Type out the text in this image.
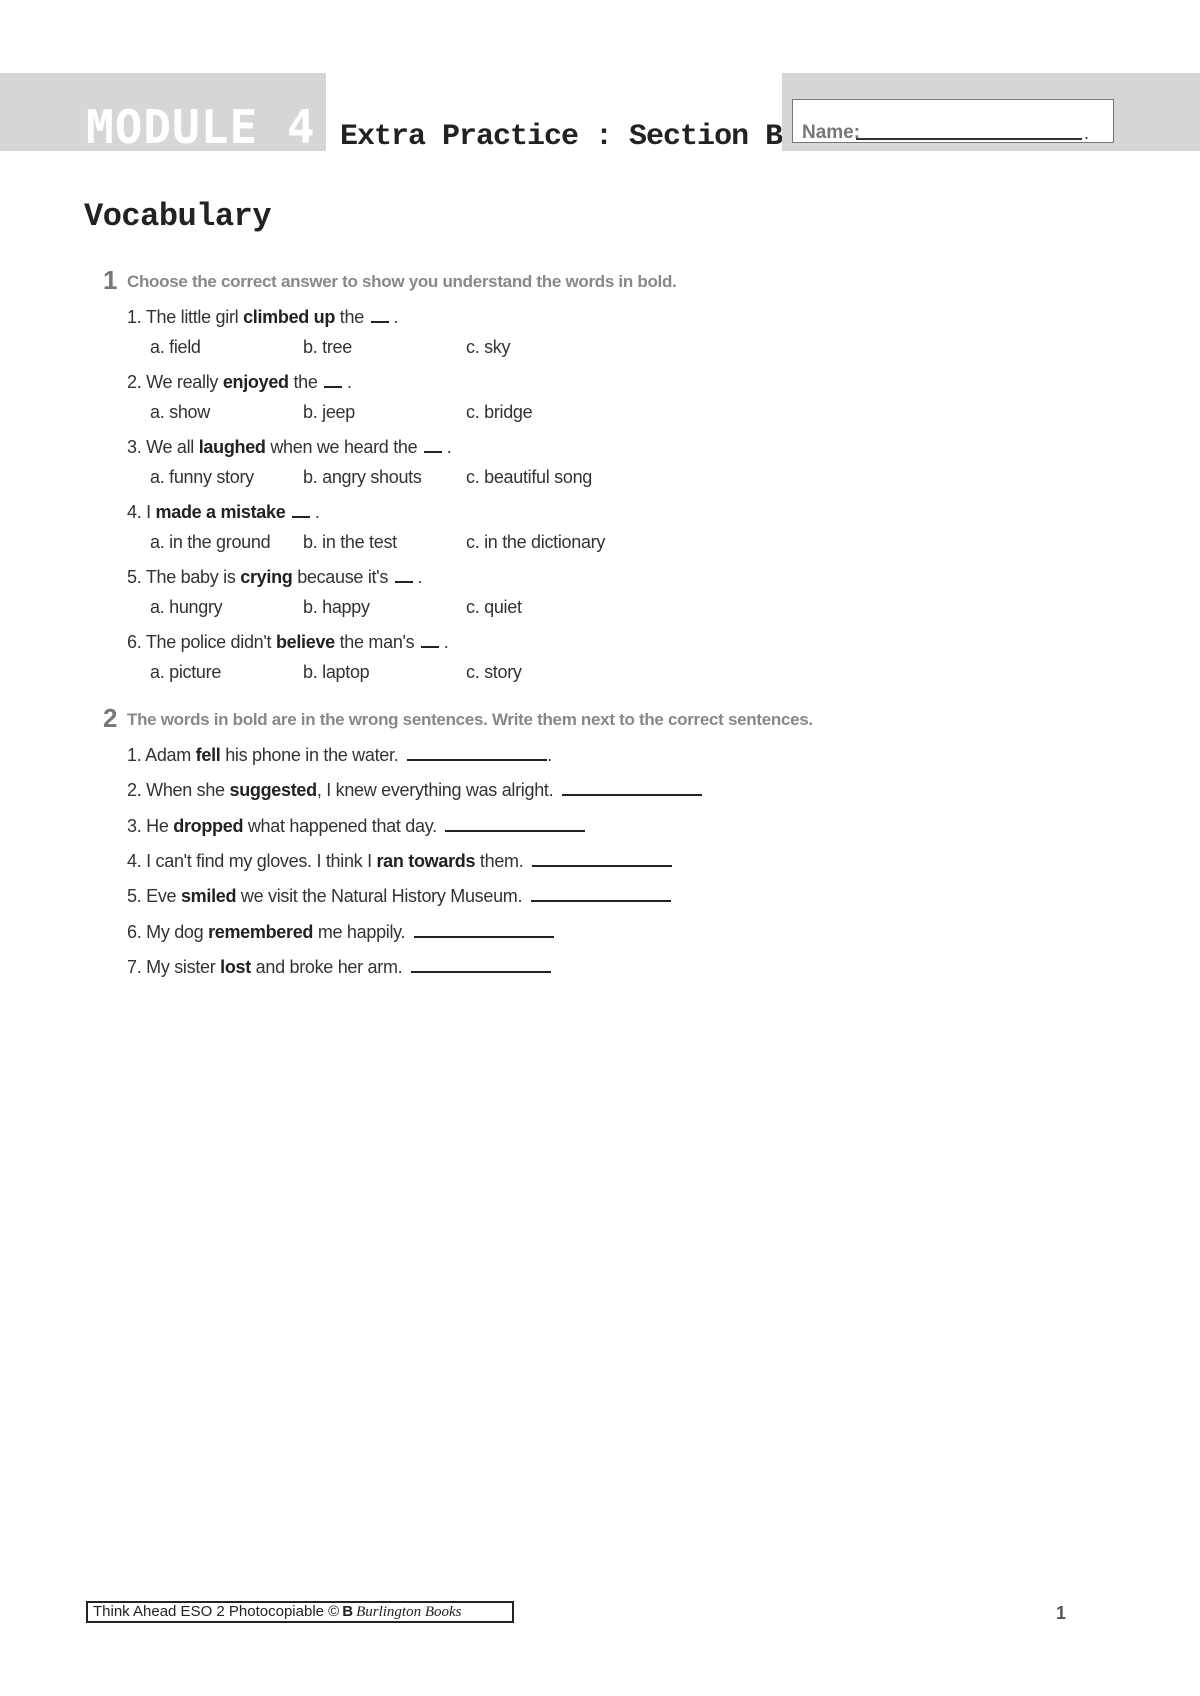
MODULE 4 Extra Practice : Section B Name:	.
Vocabulary
1 Choose the correct answer to show you understand the words in bold.
1. The little girl climbed up the .
a. field	b. tree	c. sky
2. We really enjoyed the .
a. show	b. jeep	c. bridge
3. We all laughed when we heard the .
a. funny story	b. angry shouts c. beautiful song
4. I made a mistake .
a. in the ground b. in the test	c. in the dictionary
5. The baby is crying because it's .
a. hungry	b. happy	c. quiet
6. The police didn't believe the man's .
a. picture	b. laptop	c. story
2 The words in bold are in the wrong sentences. Write them next to the correct sentences.
1. Adam fell his phone in the water.	.
2. When she suggested, I knew everything was alright.
3. He dropped what happened that day.
4. I can't find my gloves. I think I ran towards them.
5. Eve smiled we visit the Natural History Museum.
6. My dog remembered me happily.
7. My sister lost and broke her arm.
Think Ahead ESO 2 Photocopiable © B Burlington Books	1
